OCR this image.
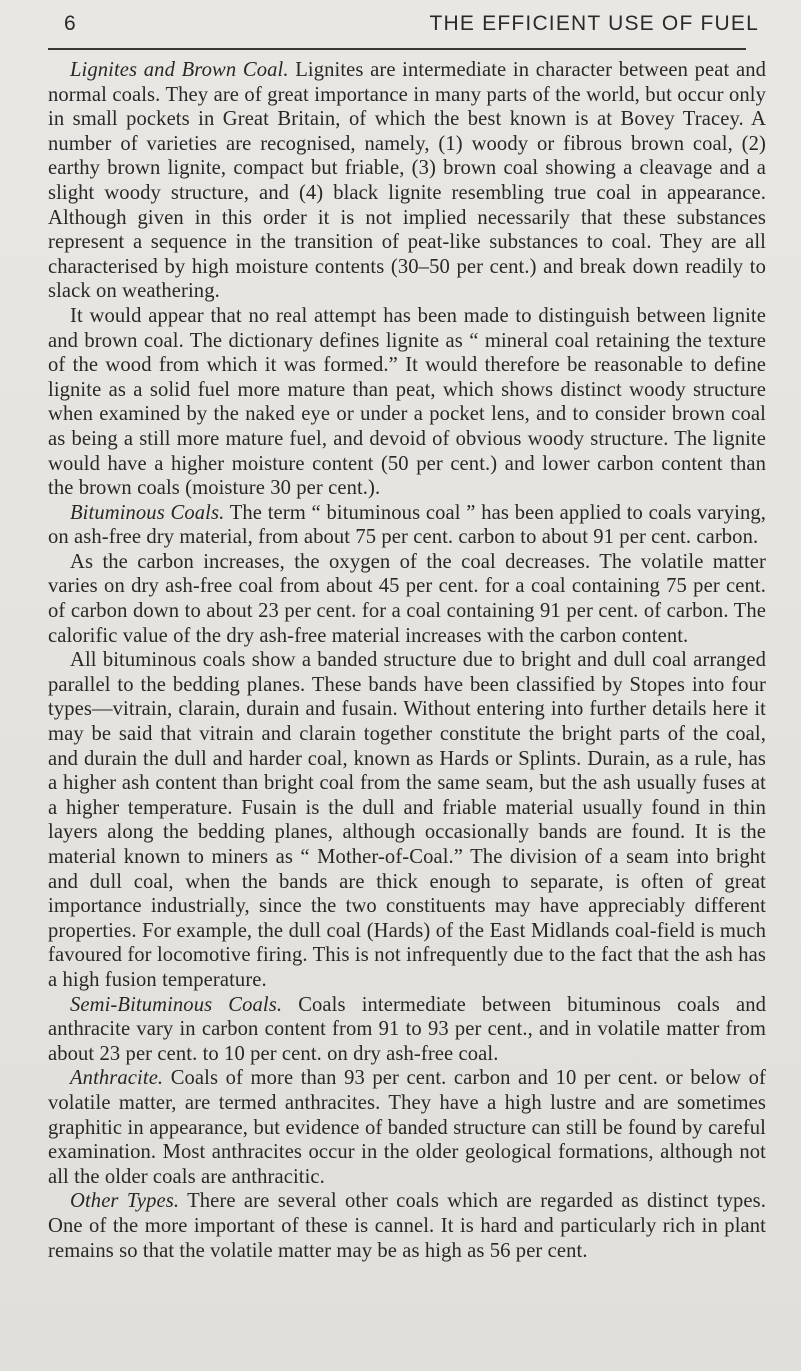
6	THE EFFICIENT USE OF FUEL

Lignites and Brown Coal. Lignites are intermediate in character between peat and normal coals. They are of great importance in many parts of the world, but occur only in small pockets in Great Britain, of which the best known is at Bovey Tracey. A number of varieties are recognised, namely, (1) woody or fibrous brown coal, (2) earthy brown lignite, compact but friable, (3) brown coal showing a cleavage and a slight woody structure, and (4) black lignite resembling true coal in appearance. Although given in this order it is not implied necessarily that these substances represent a sequence in the transition of peat-like substances to coal. They are all characterised by high moisture contents (30–50 per cent.) and break down readily to slack on weathering.

It would appear that no real attempt has been made to distinguish between lignite and brown coal. The dictionary defines lignite as “ mineral coal retaining the texture of the wood from which it was formed.” It would therefore be reasonable to define lignite as a solid fuel more mature than peat, which shows distinct woody structure when examined by the naked eye or under a pocket lens, and to consider brown coal as being a still more mature fuel, and devoid of obvious woody structure. The lignite would have a higher moisture content (50 per cent.) and lower carbon content than the brown coals (moisture 30 per cent.).

Bituminous Coals. The term “ bituminous coal ” has been applied to coals varying, on ash-free dry material, from about 75 per cent. carbon to about 91 per cent. carbon.

As the carbon increases, the oxygen of the coal decreases. The volatile matter varies on dry ash-free coal from about 45 per cent. for a coal containing 75 per cent. of carbon down to about 23 per cent. for a coal containing 91 per cent. of carbon. The calorific value of the dry ash-free material increases with the carbon content.

All bituminous coals show a banded structure due to bright and dull coal arranged parallel to the bedding planes. These bands have been classified by Stopes into four types—vitrain, clarain, durain and fusain. Without entering into further details here it may be said that vitrain and clarain together constitute the bright parts of the coal, and durain the dull and harder coal, known as Hards or Splints. Durain, as a rule, has a higher ash content than bright coal from the same seam, but the ash usually fuses at a higher temperature. Fusain is the dull and friable material usually found in thin layers along the bedding planes, although occasionally bands are found. It is the material known to miners as “ Mother-of-Coal.” The division of a seam into bright and dull coal, when the bands are thick enough to separate, is often of great importance industrially, since the two constituents may have appreciably different properties. For example, the dull coal (Hards) of the East Midlands coal-field is much favoured for locomotive firing. This is not infrequently due to the fact that the ash has a high fusion temperature.

Semi-Bituminous Coals. Coals intermediate between bituminous coals and anthracite vary in carbon content from 91 to 93 per cent., and in volatile matter from about 23 per cent. to 10 per cent. on dry ash-free coal.

Anthracite. Coals of more than 93 per cent. carbon and 10 per cent. or below of volatile matter, are termed anthracites. They have a high lustre and are sometimes graphitic in appearance, but evidence of banded structure can still be found by careful examination. Most anthracites occur in the older geological formations, although not all the older coals are anthracitic.

Other Types. There are several other coals which are regarded as distinct types. One of the more important of these is cannel. It is hard and particularly rich in plant remains so that the volatile matter may be as high as 56 per cent.
